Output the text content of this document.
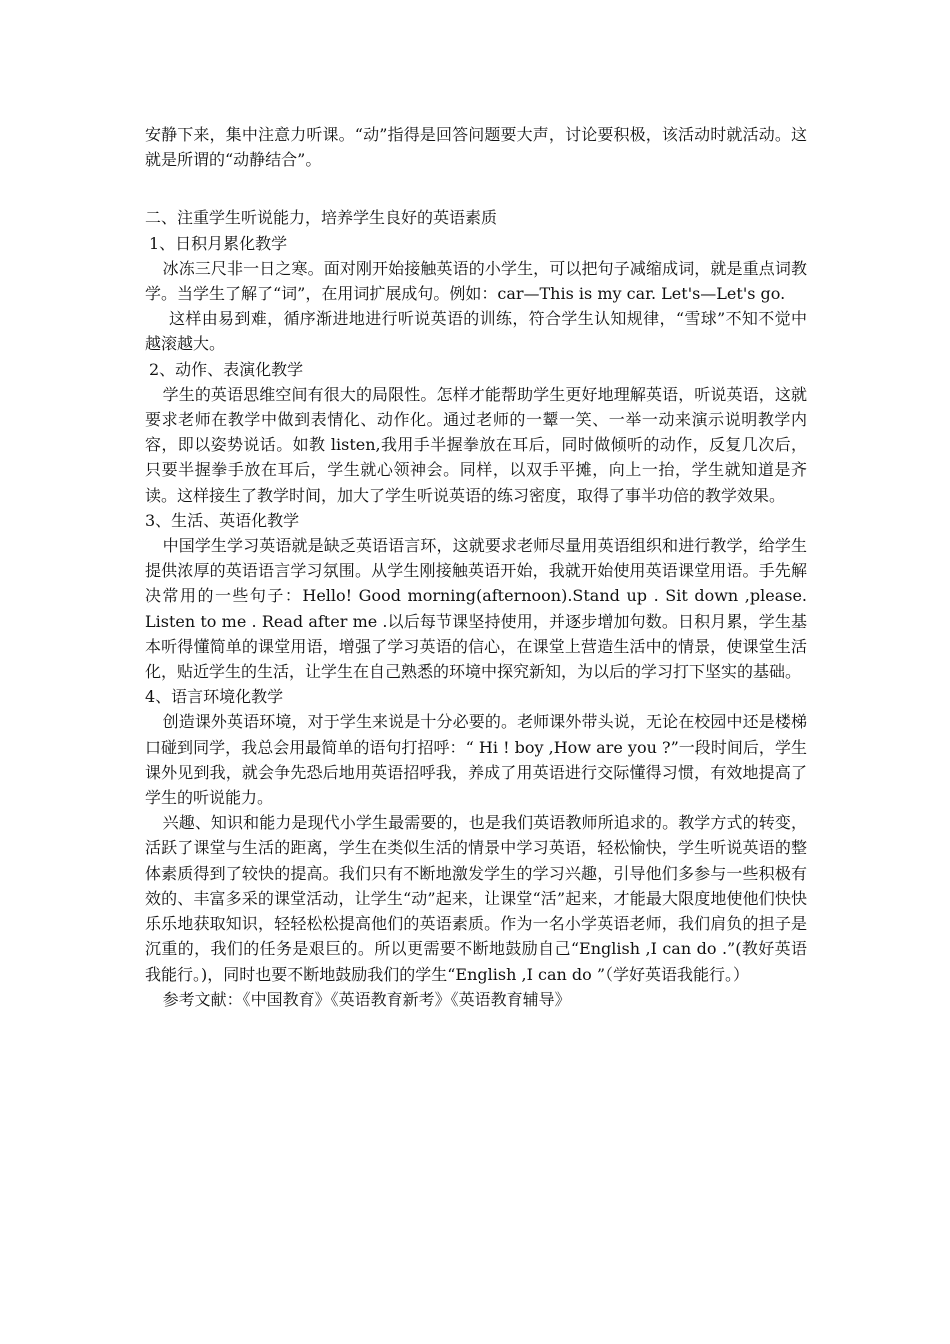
安静下来，集中注意力听课。“动”指得是回答问题要大声，讨论要积极，该活动时就活动。这就是所谓的“动静结合”。

二、注重学生听说能力，培养学生良好的英语素质

1、日积月累化教学

冰冻三尺非一日之寒。面对刚开始接触英语的小学生，可以把句子减缩成词，就是重点词教学。当学生了解了“词”，在用词扩展成句。例如：car—This is my car. Let's—Let's go.

这样由易到难，循序渐进地进行听说英语的训练，符合学生认知规律，“雪球”不知不觉中越滚越大。

2、动作、表演化教学

学生的英语思维空间有很大的局限性。怎样才能帮助学生更好地理解英语，听说英语，这就要求老师在教学中做到表情化、动作化。通过老师的一颦一笑、一举一动来演示说明教学内容，即以姿势说话。如教 listen,我用手半握拳放在耳后，同时做倾听的动作，反复几次后，只要半握拳手放在耳后，学生就心领神会。同样，以双手平摊，向上一抬，学生就知道是齐读。这样接生了教学时间，加大了学生听说英语的练习密度，取得了事半功倍的教学效果。

3、生活、英语化教学

中国学生学习英语就是缺乏英语语言环，这就要求老师尽量用英语组织和进行教学，给学生提供浓厚的英语语言学习氛围。从学生刚接触英语开始，我就开始使用英语课堂用语。手先解决常用的一些句子：Hello! Good morning(afternoon).Stand up . Sit down ,please. Listen to me . Read after me .以后每节课坚持使用，并逐步增加句数。日积月累，学生基本听得懂简单的课堂用语，增强了学习英语的信心，在课堂上营造生活中的情景，使课堂生活化，贴近学生的生活，让学生在自己熟悉的环境中探究新知，为以后的学习打下坚实的基础。

4、语言环境化教学

创造课外英语环境，对于学生来说是十分必要的。老师课外带头说，无论在校园中还是楼梯口碰到同学，我总会用最简单的语句打招呼：“ Hi ! boy ,How are you ?”一段时间后，学生课外见到我，就会争先恐后地用英语招呼我，养成了用英语进行交际懂得习惯，有效地提高了学生的听说能力。

兴趣、知识和能力是现代小学生最需要的，也是我们英语教师所追求的。教学方式的转变，活跃了课堂与生活的距离，学生在类似生活的情景中学习英语，轻松愉快，学生听说英语的整体素质得到了较快的提高。我们只有不断地激发学生的学习兴趣，引导他们多参与一些积极有效的、丰富多采的课堂活动，让学生“动”起来，让课堂“活”起来，才能最大限度地使他们快快乐乐地获取知识，轻轻松松提高他们的英语素质。作为一名小学英语老师，我们肩负的担子是沉重的，我们的任务是艰巨的。所以更需要不断地鼓励自己“English ,I can do .”(教好英语我能行。)，同时也要不断地鼓励我们的学生“English ,I can do ”（学好英语我能行。）

参考文献：《中国教育》《英语教育新考》《英语教育辅导》
